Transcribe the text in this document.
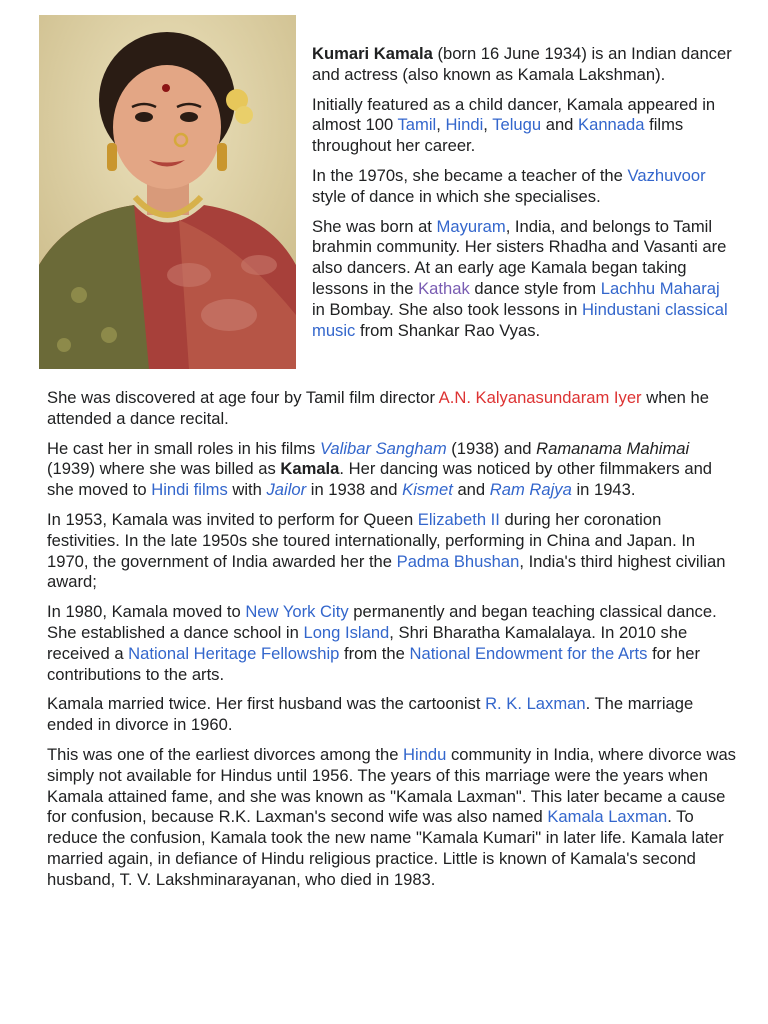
Kumari Kamala (born 16 June 1934) is an Indian dancer and actress (also known as Kamala Lakshman).

Initially featured as a child dancer, Kamala appeared in almost 100 Tamil, Hindi, Telugu and Kannada films throughout her career.

In the 1970s, she became a teacher of the Vazhuvoor style of dance in which she specialises.

She was born at Mayuram, India, and belongs to Tamil brahmin community. Her sisters Rhadha and Vasanti are also dancers. At an early age Kamala began taking lessons in the Kathak dance style from Lachhu Maharaj in Bombay. She also took lessons in Hindustani classical music from Shankar Rao Vyas.

She was discovered at age four by Tamil film director A.N. Kalyanasundaram Iyer when he attended a dance recital.

He cast her in small roles in his films Valibar Sangham (1938) and Ramanama Mahimai (1939) where she was billed as Kamala. Her dancing was noticed by other filmmakers and she moved to Hindi films with Jailor in 1938 and Kismet and Ram Rajya in 1943.

In 1953, Kamala was invited to perform for Queen Elizabeth II during her coronation festivities. In the late 1950s she toured internationally, performing in China and Japan. In 1970, the government of India awarded her the Padma Bhushan, India's third highest civilian award;

In 1980, Kamala moved to New York City permanently and began teaching classical dance. She established a dance school in Long Island, Shri Bharatha Kamalalaya. In 2010 she received a National Heritage Fellowship from the National Endowment for the Arts for her contributions to the arts.

Kamala married twice. Her first husband was the cartoonist R. K. Laxman. The marriage ended in divorce in 1960.

This was one of the earliest divorces among the Hindu community in India, where divorce was simply not available for Hindus until 1956. The years of this marriage were the years when Kamala attained fame, and she was known as "Kamala Laxman". This later became a cause for confusion, because R.K. Laxman's second wife was also named Kamala Laxman. To reduce the confusion, Kamala took the new name "Kamala Kumari" in later life. Kamala later married again, in defiance of Hindu religious practice. Little is known of Kamala's second husband, T. V. Lakshminarayanan, who died in 1983.
